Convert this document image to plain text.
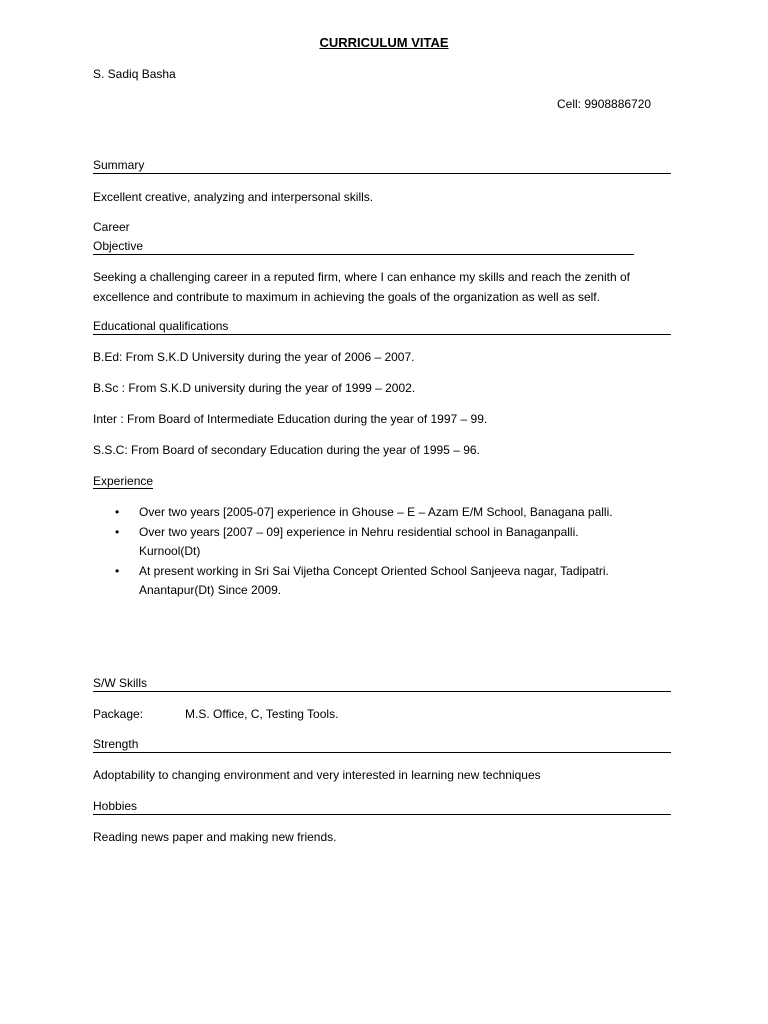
CURRICULUM VITAE
S. Sadiq Basha
Cell: 9908886720
Summary
Excellent creative, analyzing and interpersonal skills.
Career
Objective
Seeking a challenging career in a reputed firm, where I can enhance my skills and reach the zenith of excellence and contribute to maximum in achieving the goals of the organization as well as self.
Educational qualifications
B.Ed: From S.K.D University during the year of 2006 – 2007.
B.Sc : From S.K.D university during the year of 1999 – 2002.
Inter : From Board of Intermediate Education during the year of 1997 – 99.
S.S.C: From Board of secondary Education during the year of 1995 – 96.
Experience
• Over two years [2005-07] experience in Ghouse – E – Azam E/M School, Banagana palli.
• Over two years [2007 – 09] experience in Nehru residential school in Banaganpalli.
Kurnool(Dt)
• At present working in Sri Sai Vijetha Concept Oriented School Sanjeeva nagar, Tadipatri.
Anantapur(Dt) Since 2009.
S/W Skills
Package:	M.S. Office, C, Testing Tools.
Strength
Adoptability to changing environment and very interested in learning new techniques
Hobbies
Reading news paper and making new friends.
